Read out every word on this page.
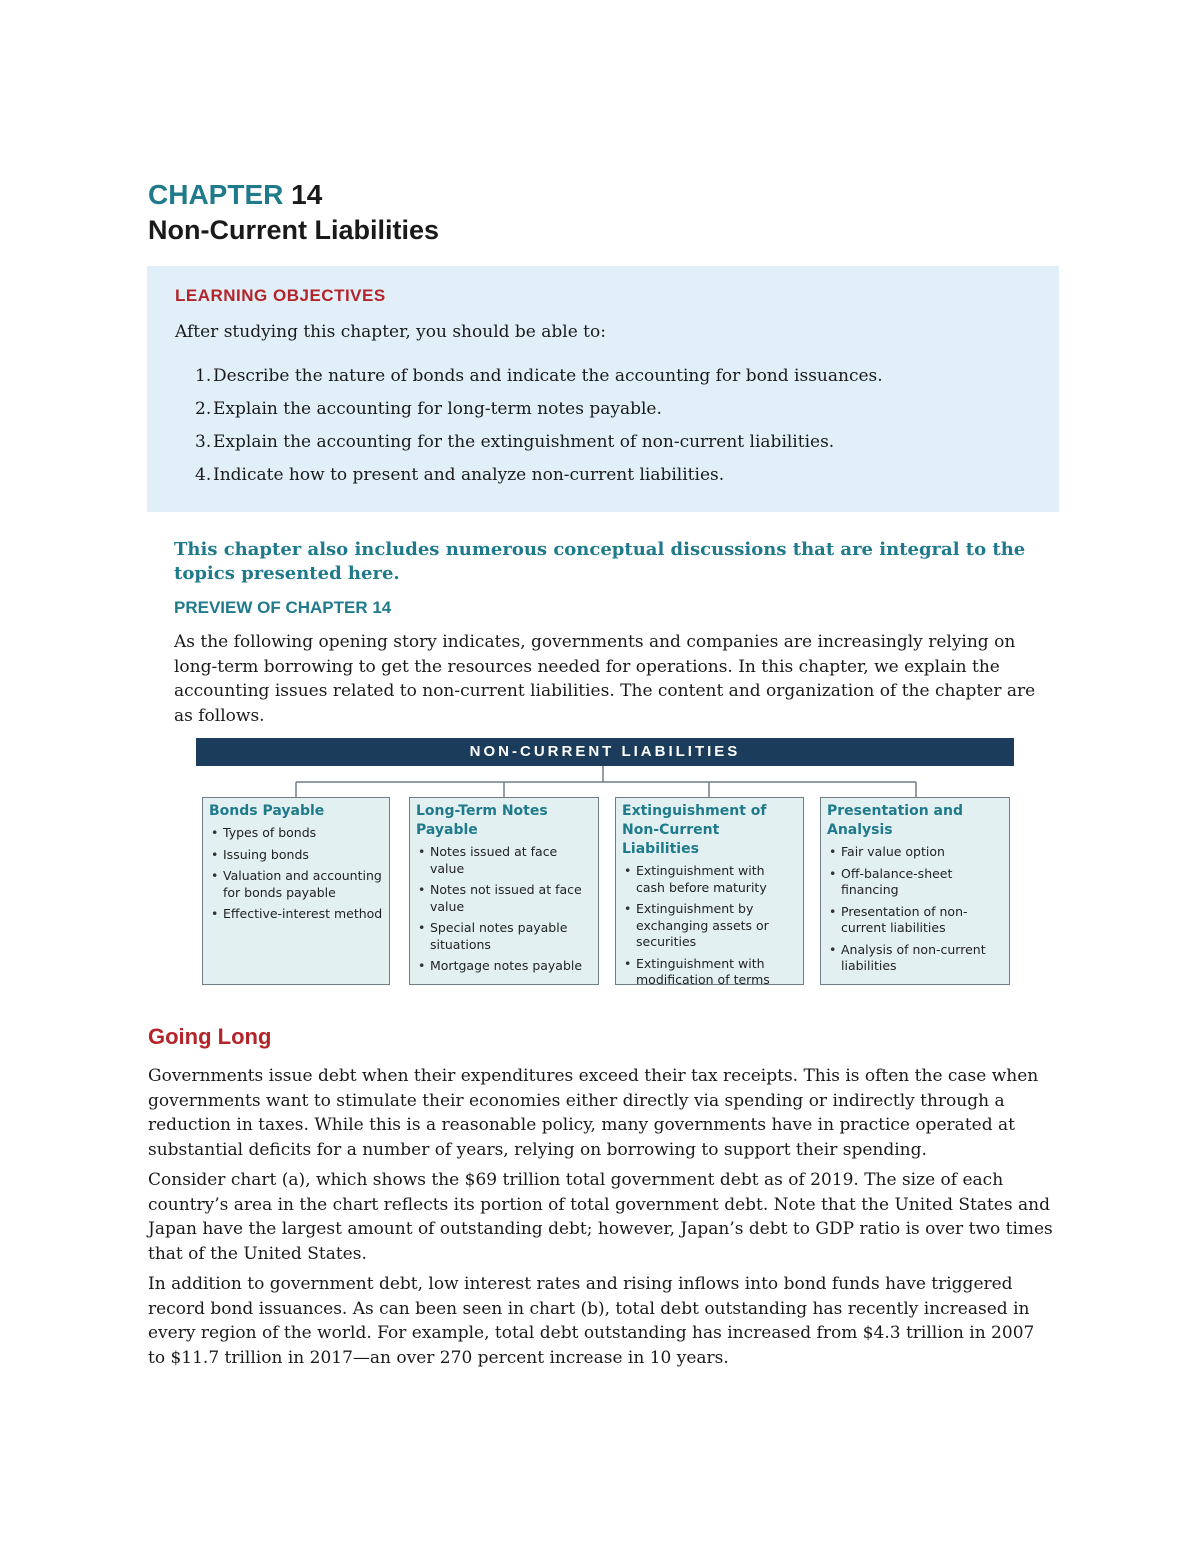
CHAPTER 14
Non-Current Liabilities
LEARNING OBJECTIVES
After studying this chapter, you should be able to:
1. Describe the nature of bonds and indicate the accounting for bond issuances.
2. Explain the accounting for long-term notes payable.
3. Explain the accounting for the extinguishment of non-current liabilities.
4. Indicate how to present and analyze non-current liabilities.
This chapter also includes numerous conceptual discussions that are integral to the topics presented here.
PREVIEW OF CHAPTER 14
As the following opening story indicates, governments and companies are increasingly relying on long-term borrowing to get the resources needed for operations. In this chapter, we explain the accounting issues related to non-current liabilities. The content and organization of the chapter are as follows.
NON-CURRENT LIABILITIES
Bonds Payable
• Types of bonds
• Issuing bonds
• Valuation and accounting for bonds payable
• Effective-interest method
Long-Term Notes Payable
• Notes issued at face value
• Notes not issued at face value
• Special notes payable situations
• Mortgage notes payable
Extinguishment of Non-Current Liabilities
• Extinguishment with cash before maturity
• Extinguishment by exchanging assets or securities
• Extinguishment with modification of terms
Presentation and Analysis
• Fair value option
• Off-balance-sheet financing
• Presentation of non-current liabilities
• Analysis of non-current liabilities
Going Long

Governments issue debt when their expenditures exceed their tax receipts. This is often the case when governments want to stimulate their economies either directly via spending or indirectly through a reduction in taxes. While this is a reasonable policy, many governments have in practice operated at substantial deficits for a number of years, relying on borrowing to support their spending.

Consider chart (a), which shows the $69 trillion total government debt as of 2019. The size of each country’s area in the chart reflects its portion of total government debt. Note that the United States and Japan have the largest amount of outstanding debt; however, Japan’s debt to GDP ratio is over two times that of the United States.

In addition to government debt, low interest rates and rising inflows into bond funds have triggered record bond issuances. As can been seen in chart (b), total debt outstanding has recently increased in every region of the world. For example, total debt outstanding has increased from $4.3 trillion in 2007 to $11.7 trillion in 2017—an over 270 percent increase in 10 years.
